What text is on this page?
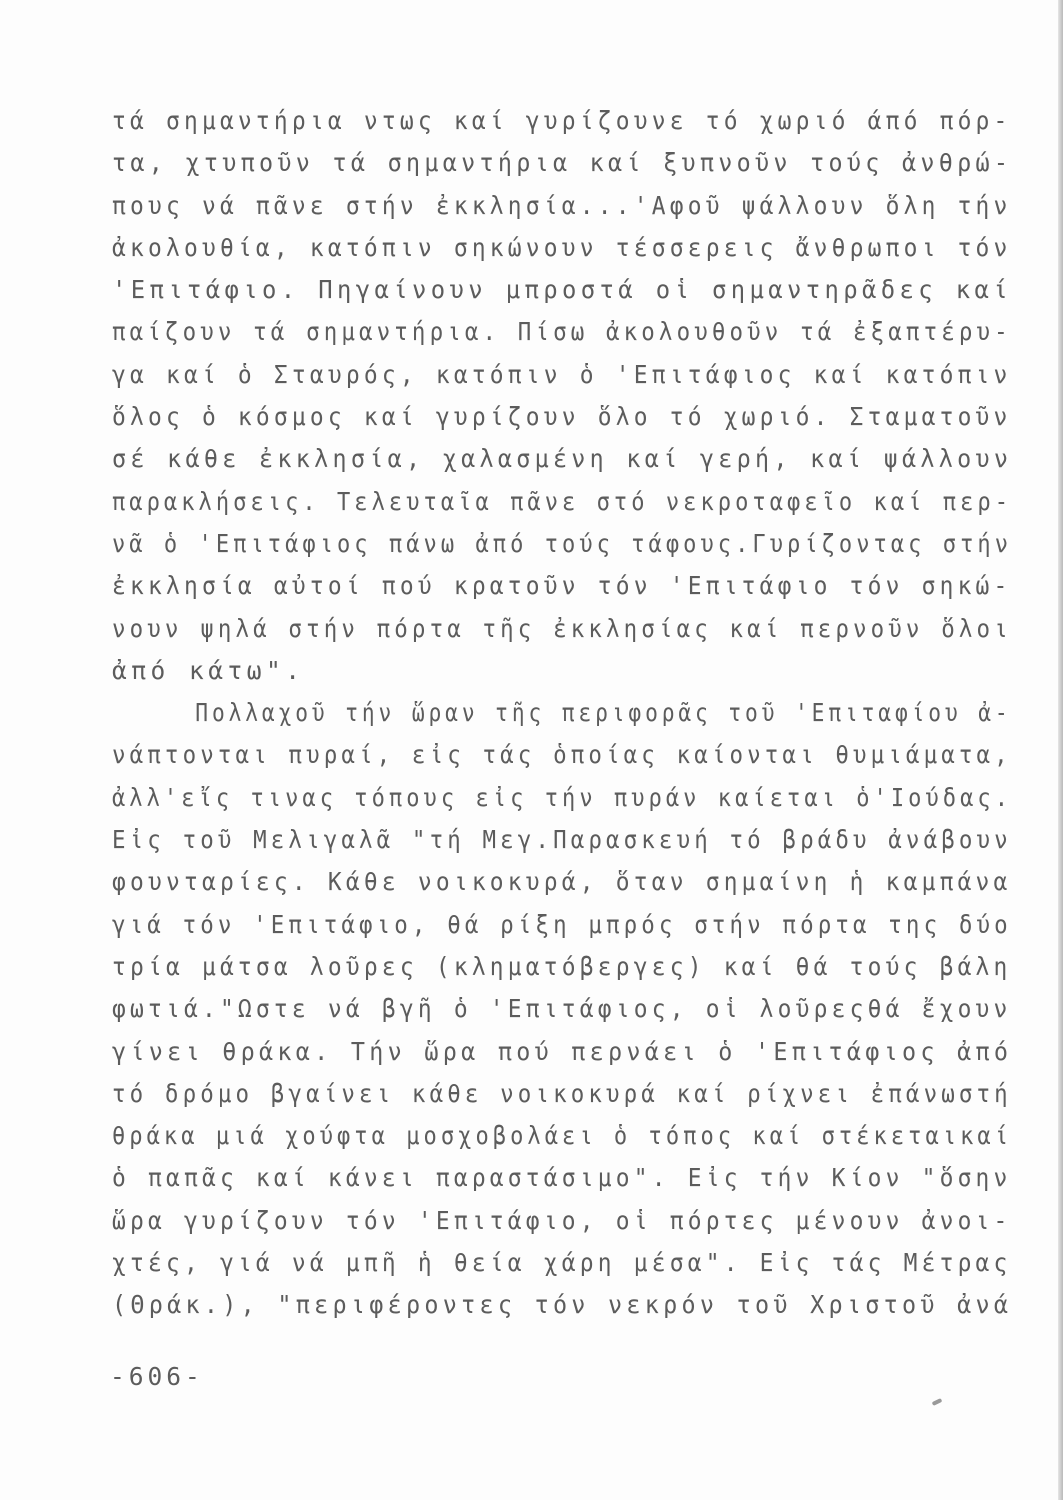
τά σημαντήρια ντως καί γυρίζουνε τό χωριό άπό πόρ-
τα, χτυποῦν τά σημαντήρια καί ξυπνοῦν τούς ἀνθρώ-
πους νά πᾶνε στήν ἐκκλησία...'Αφοῦ ψάλλουν ὅλη τήν
ἀκολουθία, κατόπιν σηκώνουν τέσσερεις ἄνθρωποι τόν
'Επιτάφιο. Πηγαίνουν μπροστά οἱ σημαντηρᾶδες καί
παίζουν τά σημαντήρια. Πίσω ἀκολουθοῦν τά ἐξαπτέρυ-
γα καί ὁ Σταυρός, κατόπιν ὁ 'Επιτάφιος καί κατόπιν
ὅλος ὁ κόσμος καί γυρίζουν ὅλο τό χωριό. Σταματοῦν
σέ κάθε ἐκκλησία, χαλασμένη καί γερή, καί ψάλλουν
παρακλήσεις. Τελευταῖα πᾶνε στό νεκροταφεῖο καί περ-
νᾶ ὁ 'Επιτάφιος πάνω ἀπό τούς τάφους.Γυρίζοντας στήν
ἐκκλησία αὐτοί πού κρατοῦν τόν 'Επιτάφιο τόν σηκώ-
νουν ψηλά στήν πόρτα τῆς ἐκκλησίας καί περνοῦν ὅλοι
ἀπό κάτω".
Πολλαχοῦ τήν ὥραν τῆς περιφορᾶς τοῦ 'Επιταφίου ἀ-
νάπτονται πυραί, εἰς τάς ὁποίας καίονται θυμιάματα,
ἀλλ'εἴς τινας τόπους εἰς τήν πυράν καίεται ὁ'Ιούδας.
Εἰς τοῦ Μελιγαλᾶ "τή Μεγ.Παρασκευή τό βράδυ ἀνάβουν
φουνταρίες. Κάθε νοικοκυρά, ὅταν σημαίνη ἡ καμπάνα
γιά τόν 'Επιτάφιο, θά ρίξη μπρός στήν πόρτα της δύο
τρία μάτσα λοῦρες (κληματόβεργες) καί θά τούς βάλη
φωτιά."Ωστε νά βγῆ ὁ 'Επιτάφιος, οἱ λοῦρεςθά ἔχουν
γίνει θράκα. Τήν ὥρα πού περνάει ὁ 'Επιτάφιος ἀπό
τό δρόμο βγαίνει κάθε νοικοκυρά καί ρίχνει ἐπάνωστή
θράκα μιά χούφτα μοσχοβολάει ὁ τόπος καί στέκεταικαί
ὁ παπᾶς καί κάνει παραστάσιμο". Εἰς τήν Κίον "ὅσην
ὥρα γυρίζουν τόν 'Επιτάφιο, οἱ πόρτες μένουν ἀνοι-
χτές, γιά νά μπῆ ἡ θεία χάρη μέσα". Εἰς τάς Μέτρας
(Θράκ.), "περιφέροντες τόν νεκρόν τοῦ Χριστοῦ ἀνά
-606-
